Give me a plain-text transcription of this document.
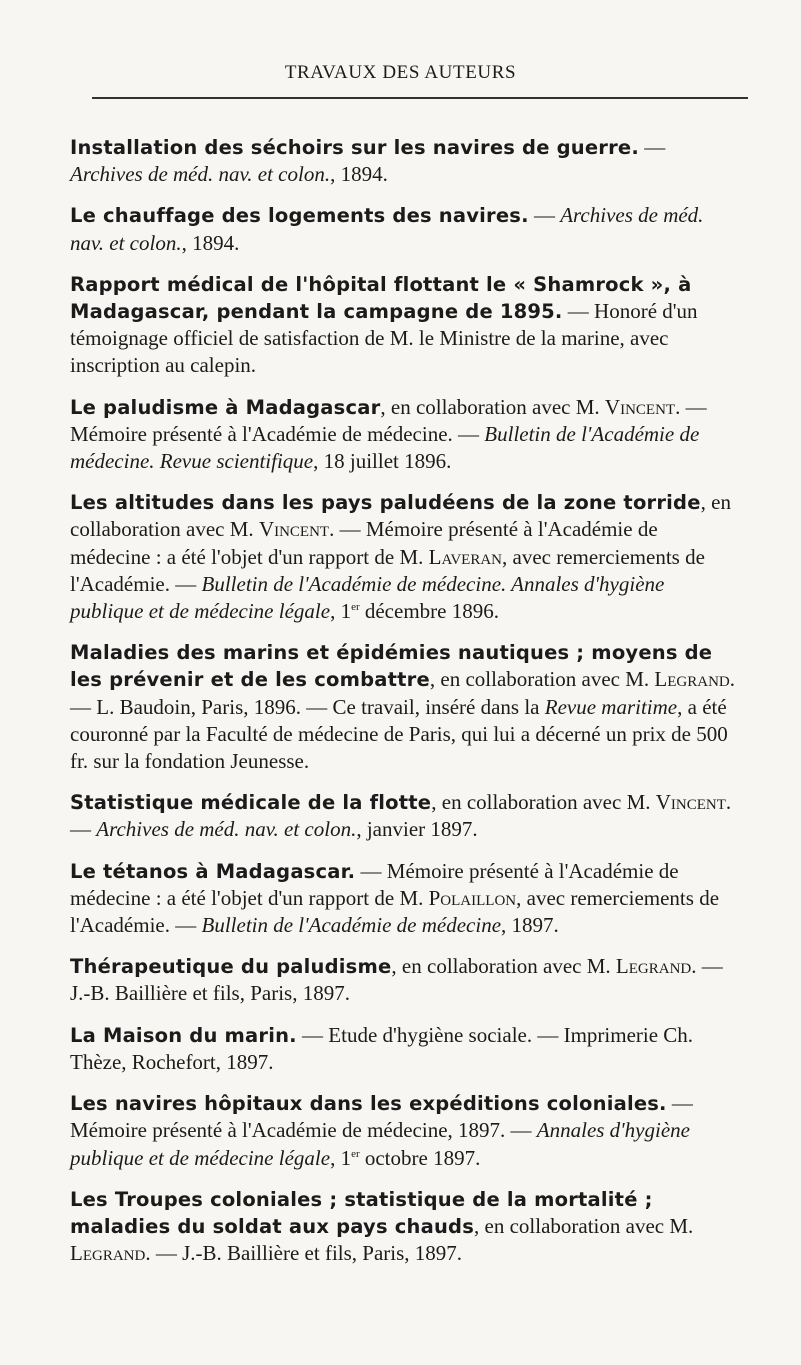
TRAVAUX DES AUTEURS

Installation des séchoirs sur les navires de guerre. — Archives de méd. nav. et colon., 1894.

Le chauffage des logements des navires. — Archives de méd. nav. et colon., 1894.

Rapport médical de l'hôpital flottant le « Shamrock », à Madagascar, pendant la campagne de 1895. — Honoré d'un témoignage officiel de satisfaction de M. le Ministre de la marine, avec inscription au calepin.

Le paludisme à Madagascar, en collaboration avec M. Vincent. — Mémoire présenté à l'Académie de médecine. — Bulletin de l'Académie de médecine. Revue scientifique, 18 juillet 1896.

Les altitudes dans les pays paludéens de la zone torride, en collaboration avec M. Vincent. — Mémoire présenté à l'Académie de médecine : a été l'objet d'un rapport de M. Laveran, avec remerciements de l'Académie. — Bulletin de l'Académie de médecine. Annales d'hygiène publique et de médecine légale, 1er décembre 1896.

Maladies des marins et épidémies nautiques ; moyens de les prévenir et de les combattre, en collaboration avec M. Legrand. — L. Baudoin, Paris, 1896. — Ce travail, inséré dans la Revue maritime, a été couronné par la Faculté de médecine de Paris, qui lui a décerné un prix de 500 fr. sur la fondation Jeunesse.

Statistique médicale de la flotte, en collaboration avec M. Vincent. — Archives de méd. nav. et colon., janvier 1897.

Le tétanos à Madagascar. — Mémoire présenté à l'Académie de médecine : a été l'objet d'un rapport de M. Polaillon, avec remerciements de l'Académie. — Bulletin de l'Académie de médecine, 1897.

Thérapeutique du paludisme, en collaboration avec M. Legrand. — J.-B. Baillière et fils, Paris, 1897.

La Maison du marin. — Etude d'hygiène sociale. — Imprimerie Ch. Thèze, Rochefort, 1897.

Les navires hôpitaux dans les expéditions coloniales. — Mémoire présenté à l'Académie de médecine, 1897. — Annales d'hygiène publique et de médecine légale, 1er octobre 1897.

Les Troupes coloniales ; statistique de la mortalité ; maladies du soldat aux pays chauds, en collaboration avec M. Legrand. — J.-B. Baillière et fils, Paris, 1897.
